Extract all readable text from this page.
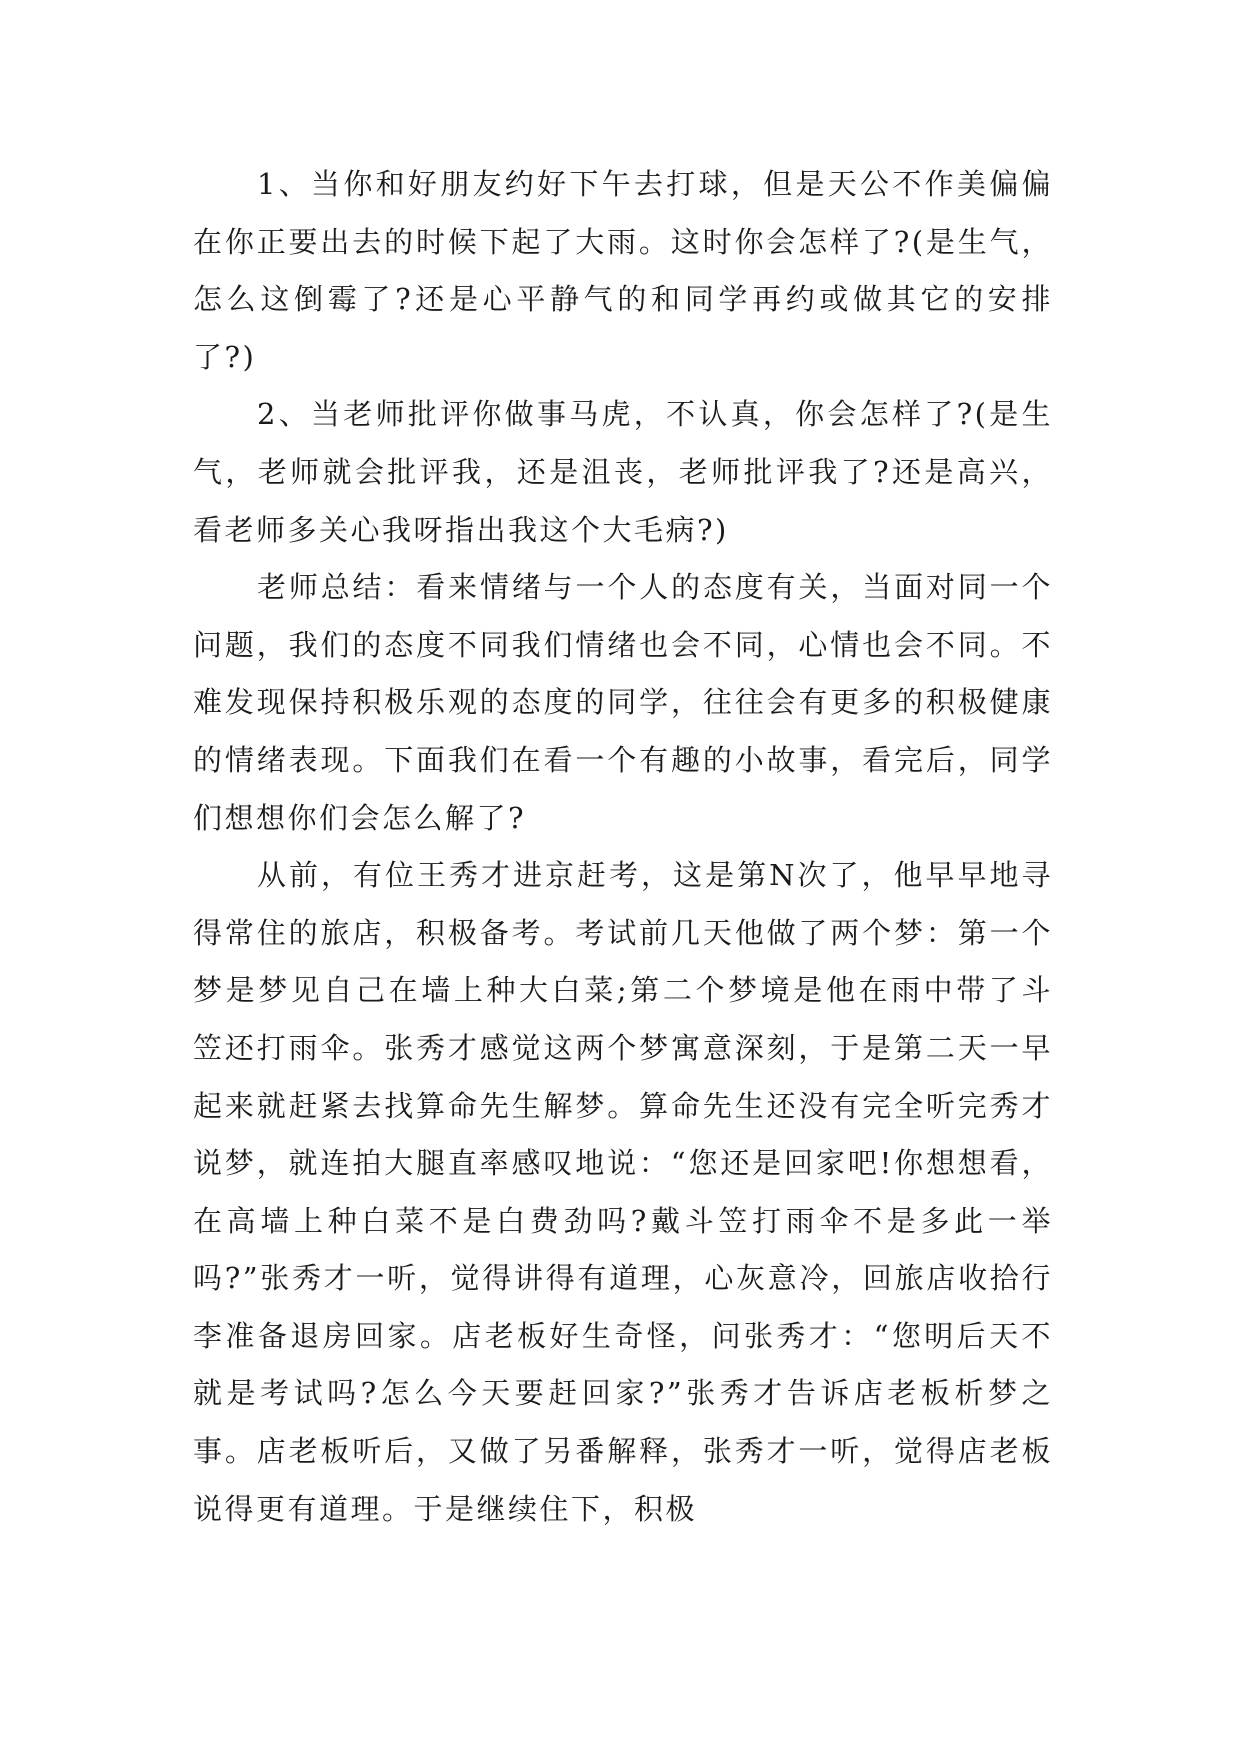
1、当你和好朋友约好下午去打球，但是天公不作美偏偏在你正要出去的时候下起了大雨。这时你会怎样了?(是生气，怎么这倒霉了?还是心平静气的和同学再约或做其它的安排了?)

2、当老师批评你做事马虎，不认真，你会怎样了?(是生气，老师就会批评我，还是沮丧，老师批评我了?还是高兴，看老师多关心我呀指出我这个大毛病?)

老师总结：看来情绪与一个人的态度有关，当面对同一个问题，我们的态度不同我们情绪也会不同，心情也会不同。不难发现保持积极乐观的态度的同学，往往会有更多的积极健康的情绪表现。下面我们在看一个有趣的小故事，看完后，同学们想想你们会怎么解了?

从前，有位王秀才进京赶考，这是第N次了，他早早地寻得常住的旅店，积极备考。考试前几天他做了两个梦：第一个梦是梦见自己在墙上种大白菜;第二个梦境是他在雨中带了斗笠还打雨伞。张秀才感觉这两个梦寓意深刻，于是第二天一早起来就赶紧去找算命先生解梦。算命先生还没有完全听完秀才说梦，就连拍大腿直率感叹地说：“您还是回家吧!你想想看，在高墙上种白菜不是白费劲吗?戴斗笠打雨伞不是多此一举吗?”张秀才一听，觉得讲得有道理，心灰意冷，回旅店收拾行李准备退房回家。店老板好生奇怪，问张秀才：“您明后天不就是考试吗?怎么今天要赶回家?”张秀才告诉店老板析梦之事。店老板听后，又做了另番解释，张秀才一听，觉得店老板说得更有道理。于是继续住下，积极
